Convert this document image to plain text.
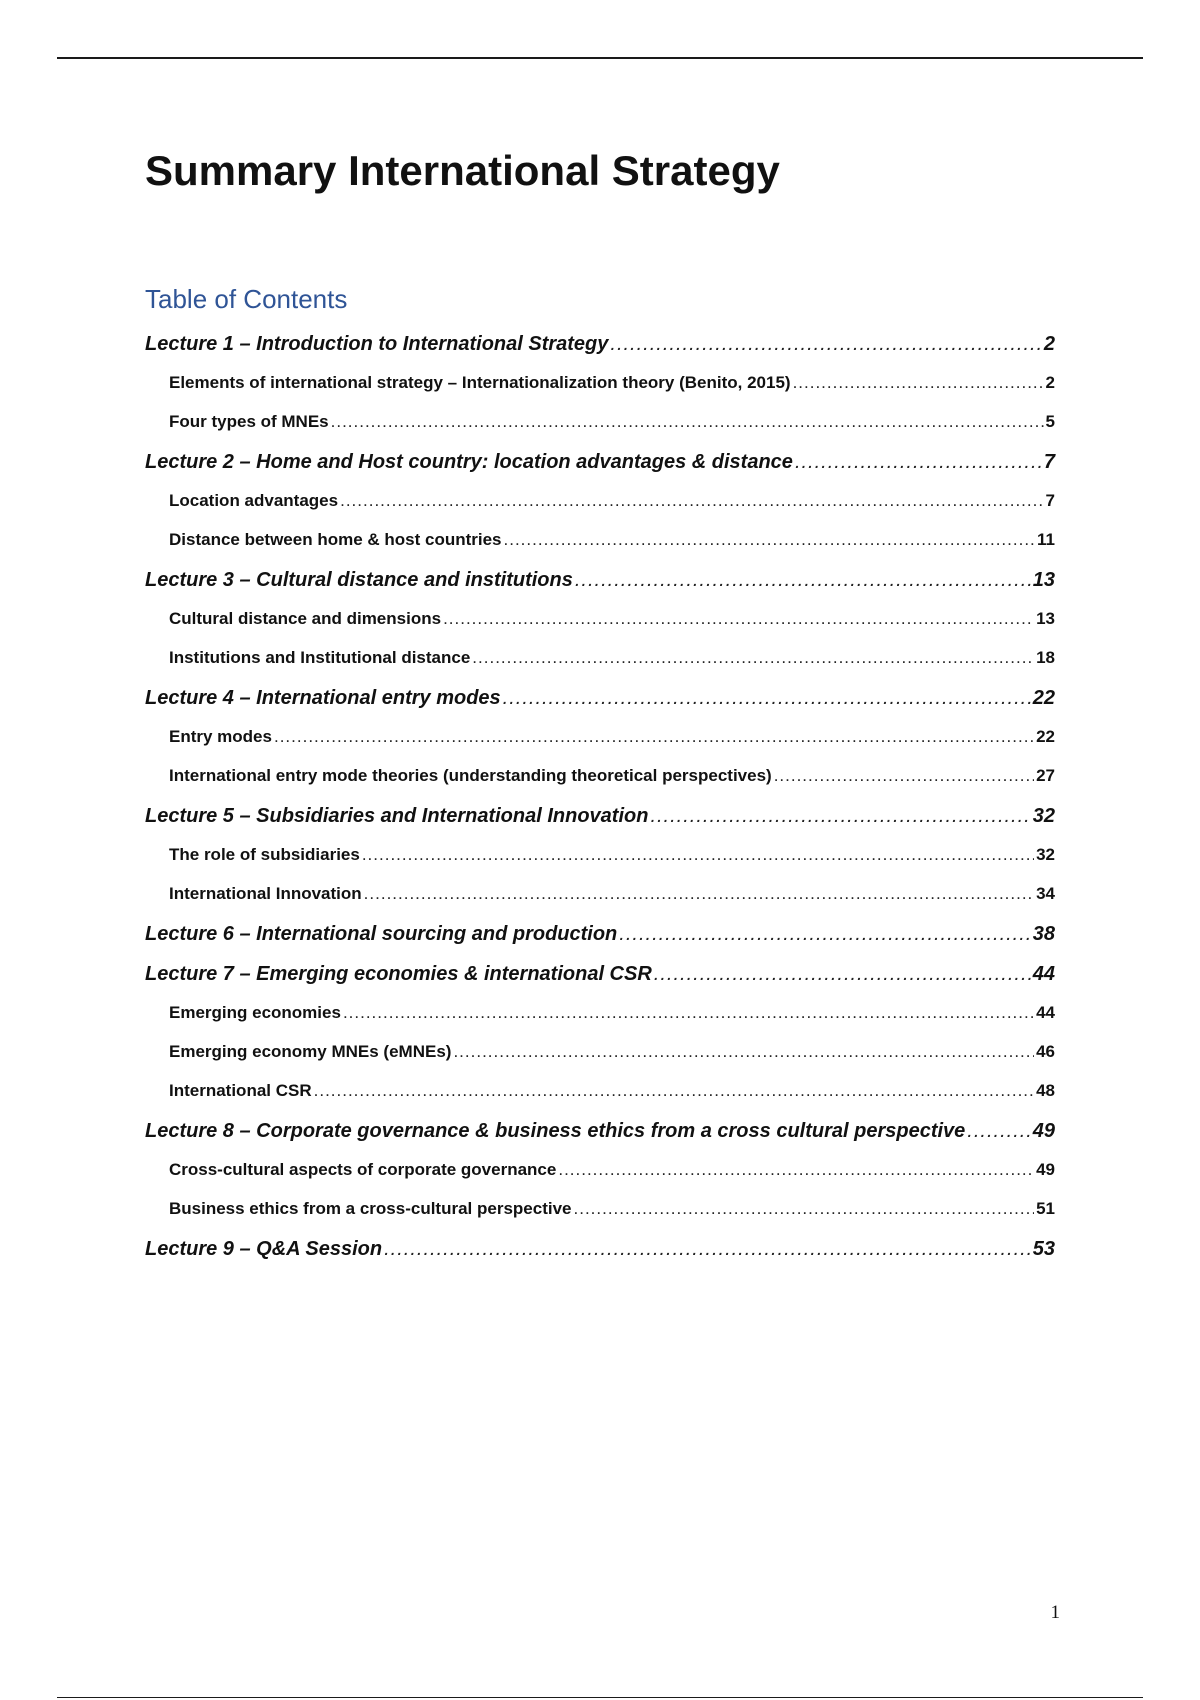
Summary International Strategy
Table of Contents
Lecture 1 – Introduction to International Strategy .....	2
Elements of international strategy – Internationalization theory (Benito, 2015) .....	2
Four types of MNEs .....	5
Lecture 2 – Home and Host country: location advantages & distance .....	7
Location advantages .....	7
Distance between home & host countries .....	11
Lecture 3 – Cultural distance and institutions .....	13
Cultural distance and dimensions .....	13
Institutions and Institutional distance .....	18
Lecture 4 – International entry modes .....	22
Entry modes .....	22
International entry mode theories (understanding theoretical perspectives) .....	27
Lecture 5 – Subsidiaries and International Innovation .....	32
The role of subsidiaries .....	32
International Innovation .....	34
Lecture 6 – International sourcing and production .....	38
Lecture 7 – Emerging economies & international CSR .....	44
Emerging economies .....	44
Emerging economy MNEs (eMNEs) .....	46
International CSR .....	48
Lecture 8 – Corporate governance & business ethics from a cross cultural perspective .....	49
Cross-cultural aspects of corporate governance .....	49
Business ethics from a cross-cultural perspective .....	51
Lecture 9 – Q&A Session .....	53
1
